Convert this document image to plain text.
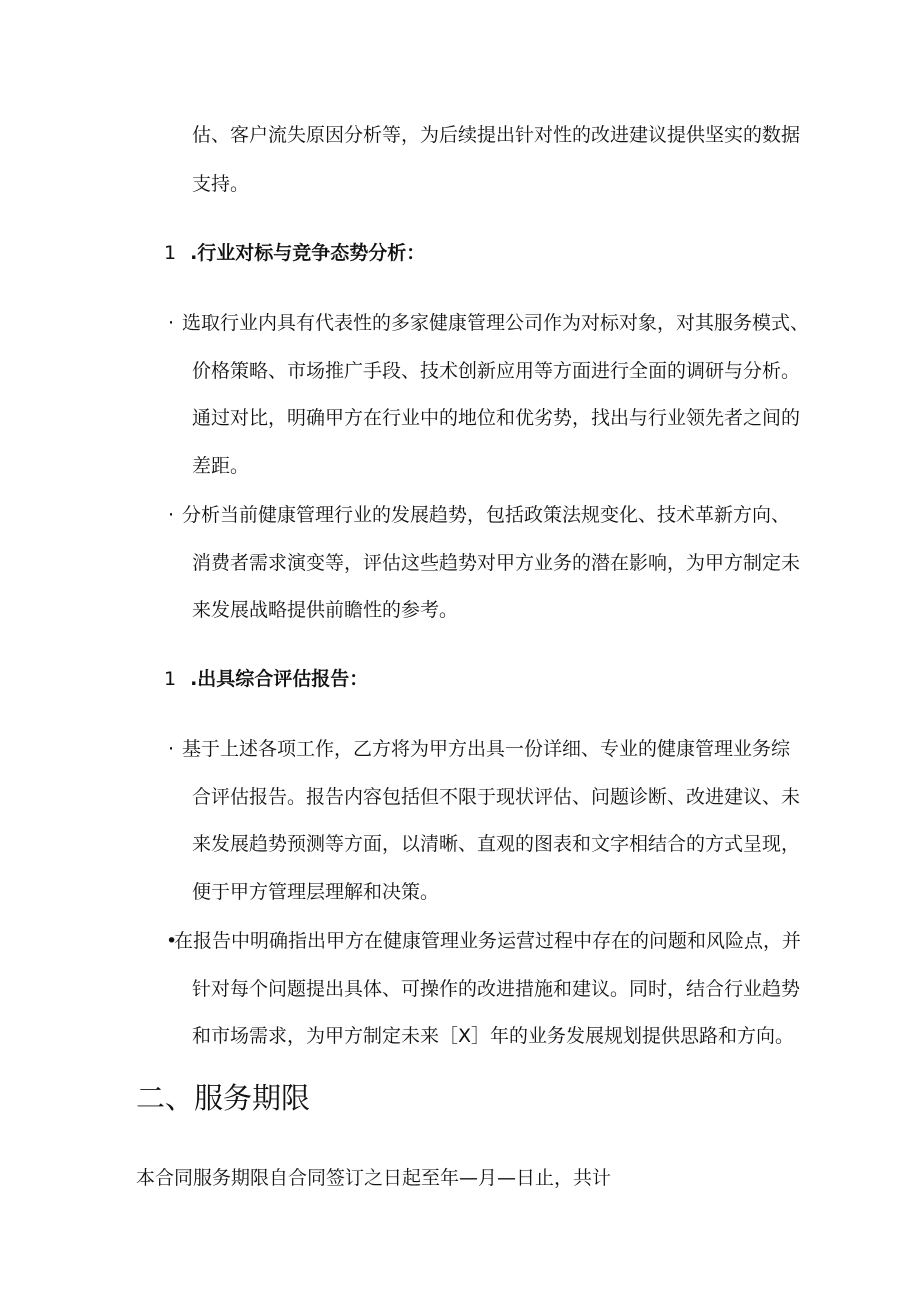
估、客户流失原因分析等，为后续提出针对性的改进建议提供坚实的数据

支持。

1 .行业对标与竞争态势分析：

· 选取行业内具有代表性的多家健康管理公司作为对标对象，对其服务模式、

价格策略、市场推广手段、技术创新应用等方面进行全面的调研与分析。

通过对比，明确甲方在行业中的地位和优劣势，找出与行业领先者之间的

差距。

· 分析当前健康管理行业的发展趋势，包括政策法规变化、技术革新方向、

消费者需求演变等，评估这些趋势对甲方业务的潜在影响，为甲方制定未

来发展战略提供前瞻性的参考。

1 .出具综合评估报告：

· 基于上述各项工作，乙方将为甲方出具一份详细、专业的健康管理业务综

合评估报告。报告内容包括但不限于现状评估、问题诊断、改进建议、未

来发展趋势预测等方面，以清晰、直观的图表和文字相结合的方式呈现，

便于甲方管理层理解和决策。

•在报告中明确指出甲方在健康管理业务运营过程中存在的问题和风险点，并

针对每个问题提出具体、可操作的改进措施和建议。同时，结合行业趋势

和市场需求，为甲方制定未来［X］年的业务发展规划提供思路和方向。

二、服务期限

本合同服务期限自合同签订之日起至年—月—日止，共计
